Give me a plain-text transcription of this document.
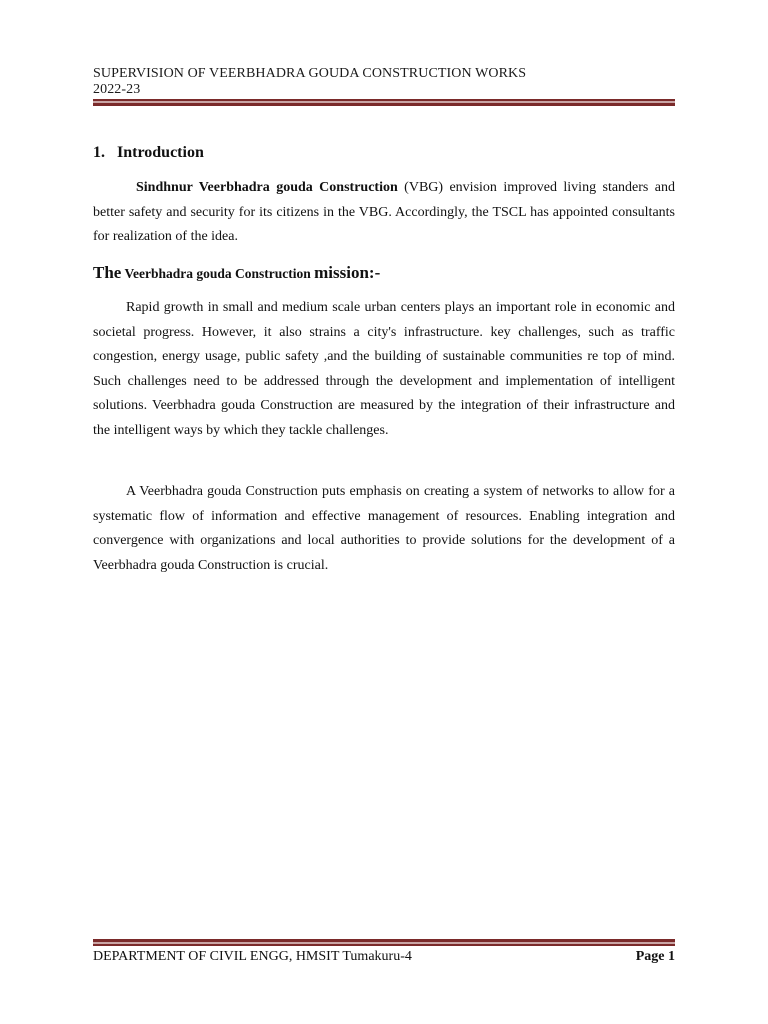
SUPERVISION OF VEERBHADRA GOUDA CONSTRUCTION WORKS
2022-23
1. Introduction

Sindhnur Veerbhadra gouda Construction (VBG) envision improved living standers and better safety and security for its citizens in the VBG. Accordingly, the TSCL has appointed consultants for realization of the idea.

The Veerbhadra gouda Construction mission:-

Rapid growth in small and medium scale urban centers plays an important role in economic and societal progress. However, it also strains a city's infrastructure. key challenges, such as traffic congestion, energy usage, public safety ,and the building of sustainable communities re top of mind. Such challenges need to be addressed through the development and implementation of intelligent solutions. Veerbhadra gouda Construction are measured by the integration of their infrastructure and the intelligent ways by which they tackle challenges.

A Veerbhadra gouda Construction puts emphasis on creating a system of networks to allow for a systematic flow of information and effective management of resources. Enabling integration and convergence with organizations and local authorities to provide solutions for the development of a Veerbhadra gouda Construction is crucial.

DEPARTMENT OF CIVIL ENGG, HMSIT Tumakuru-4	Page 1
